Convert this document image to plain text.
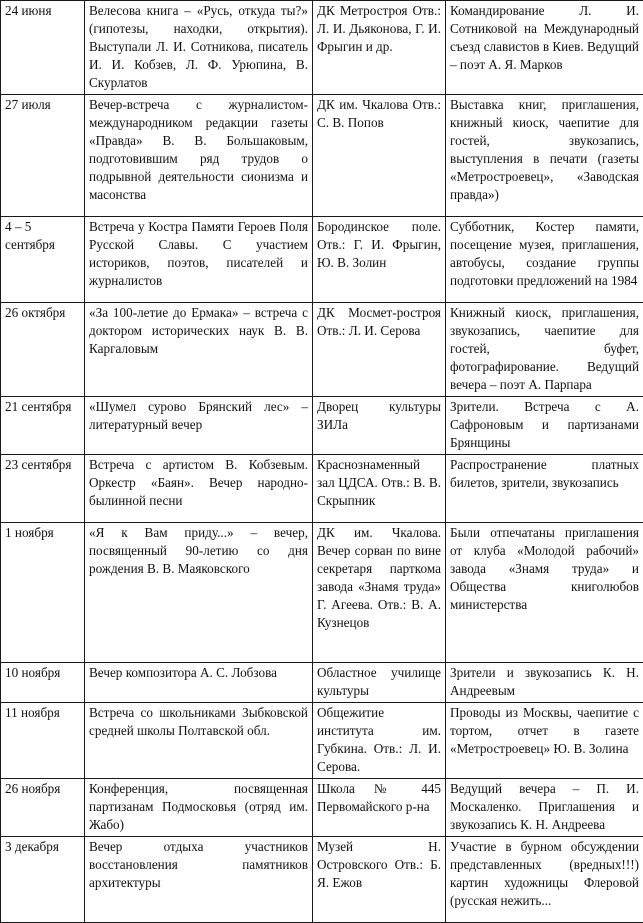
24 июня	Велесова книга – «Русь, откуда ты?» (гипотезы, находки, открытия). Выступали Л. И. Сотникова, писатель И. И. Кобзев, Л. Ф. Урюпина, В. Скурлатов	ДК Метростроя Отв.: Л. И. Дьяконова, Г. И. Фрыгин и др.	Командирование Л. И. Сотниковой на Международный съезд славистов в Киев. Ведущий – поэт А. Я. Марков
27 июля	Вечер-встреча с журналистом-международником редакции газеты «Правда» В. В. Большаковым, подготовившим ряд трудов о подрывной деятельности сионизма и масонства	ДК им. Чкалова Отв.: С. В. Попов	Выставка книг, приглашения, книжный киоск, чаепитие для гостей, звукозапись, выступления в печати (газеты «Метростроевец», «Заводская правда»)
4 – 5 сентября	Встреча у Костра Памяти Героев Поля Русской Славы. С участием историков, поэтов, писателей и журналистов	Бородинское поле. Отв.: Г. И. Фрыгин, Ю. В. Золин	Субботник, Костер памяти, посещение музея, приглашения, автобусы, создание группы подготовки предложений на 1984
26 октября	«За 100-летие до Ермака» – встреча с доктором исторических наук В. В. Каргаловым	ДК Мосмет-ростроя Отв.: Л. И. Серова	Книжный киоск, приглашения, звукозапись, чаепитие для гостей, буфет, фотографирование. Ведущий вечера – поэт А. Парпара
21 сентября	«Шумел сурово Брянский лес» – литературный вечер	Дворец культуры ЗИЛа	Зрители. Встреча с А. Сафроновым и партизанами Брянщины
23 сентября	Встреча с артистом В. Кобзевым. Оркестр «Баян». Вечер народно-былинной песни	Краснознаменный зал ЦДСА. Отв.: В. В. Скрыпник	Распространение платных билетов, зрители, звукозапись
1 ноября	«Я к Вам приду...» – вечер, посвященный 90-летию со дня рождения В. В. Маяковского	ДК им. Чкалова. Вечер сорван по вине секретаря парткома завода «Знамя труда» Г. Агеева. Отв.: В. А. Кузнецов	Были отпечатаны приглашения от клуба «Молодой рабочий» завода «Знамя труда» и Общества книголюбов министерства
10 ноября	Вечер композитора А. С. Лобзова	Областное училище культуры	Зрители и звукозапись К. Н. Андреевым
11 ноября	Встреча со школьниками Зыбковской средней школы Полтавской обл.	Общежитие института им. Губкина. Отв.: Л. И. Серова.	Проводы из Москвы, чаепитие с тортом, отчет в газете «Метростроевец» Ю. В. Золина
26 ноября	Конференция, посвященная партизанам Подмосковья (отряд им. Жабо)	Школа № 445 Первомайского р-на	Ведущий вечера – П. И. Москаленко. Приглашения и звукозапись К. Н. Андреева
3 декабря	Вечер отдыха участников восстановления памятников архитектуры	Музей Н. Островского Отв.: Б. Я. Ежов	Участие в бурном обсуждении представленных (вредных!!!) картин художницы Флеровой (русская нежить...
